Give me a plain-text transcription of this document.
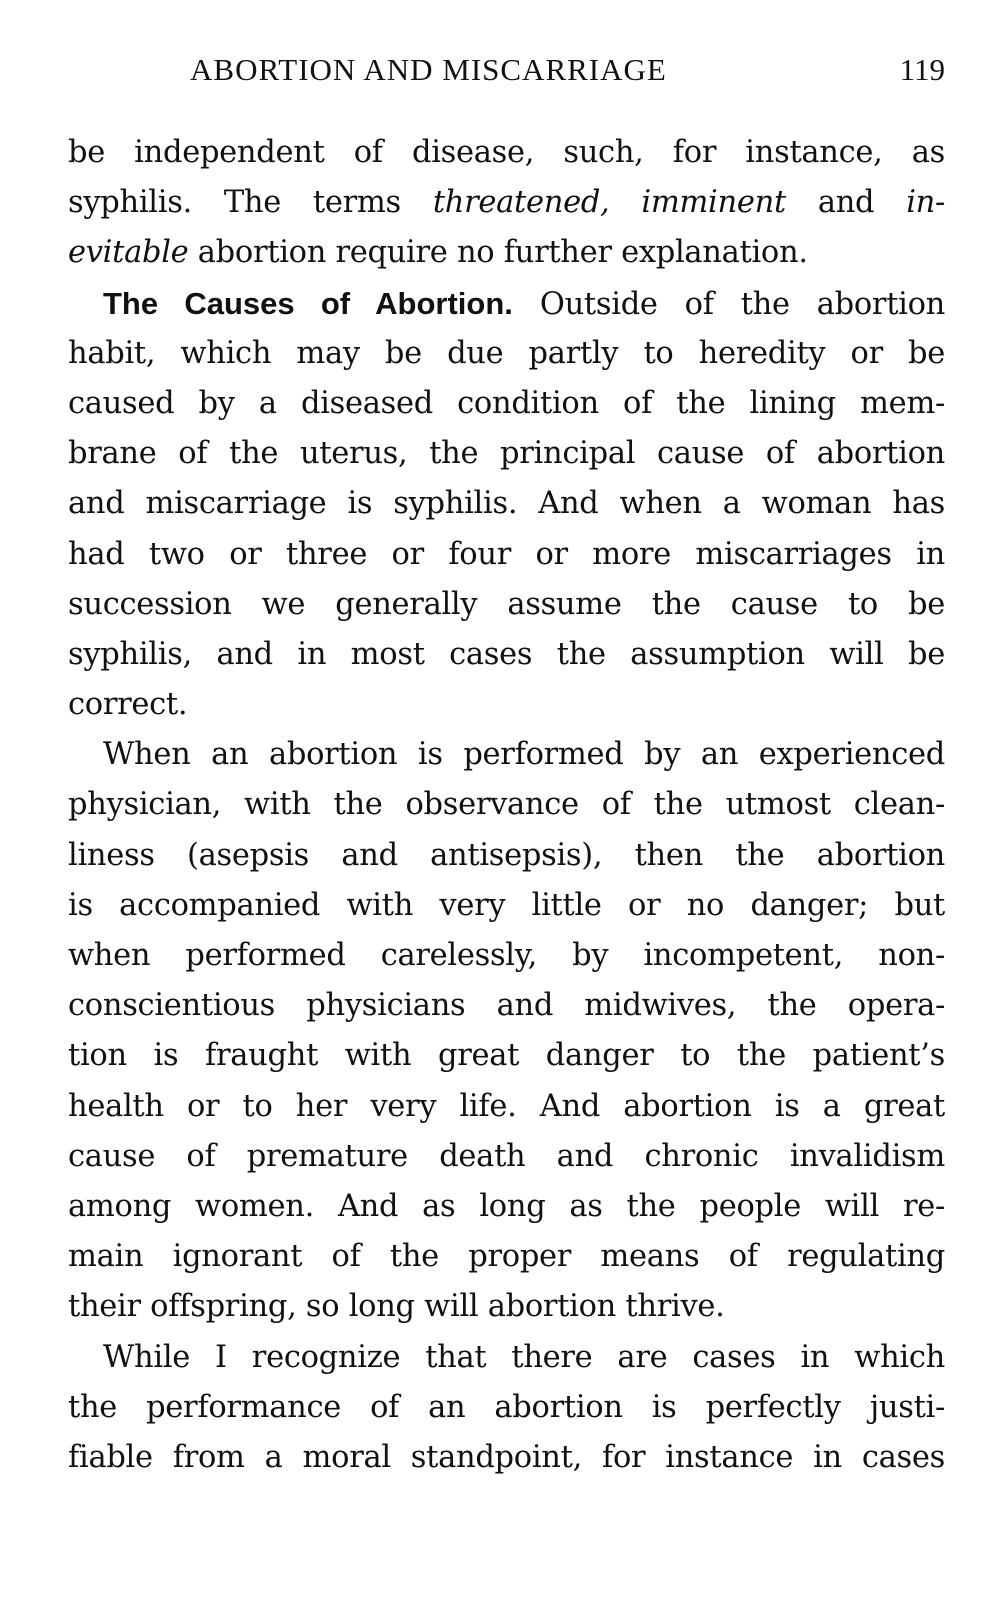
ABORTION AND MISCARRIAGE	119
be independent of disease, such, for instance, as
syphilis. The terms threatened, imminent and in-
evitable abortion require no further explanation.
The Causes of Abortion. Outside of the abortion
habit, which may be due partly to heredity or be
caused by a diseased condition of the lining mem-
brane of the uterus, the principal cause of abortion
and miscarriage is syphilis. And when a woman has
had two or three or four or more miscarriages in
succession we generally assume the cause to be
syphilis, and in most cases the assumption will be
correct.
When an abortion is performed by an experienced
physician, with the observance of the utmost clean-
liness (asepsis and antisepsis), then the abortion
is accompanied with very little or no danger; but
when performed carelessly, by incompetent, non-
conscientious physicians and midwives, the opera-
tion is fraught with great danger to the patient’s
health or to her very life. And abortion is a great
cause of premature death and chronic invalidism
among women. And as long as the people will re-
main ignorant of the proper means of regulating
their offspring, so long will abortion thrive.
While I recognize that there are cases in which
the performance of an abortion is perfectly justi-
fiable from a moral standpoint, for instance in cases
